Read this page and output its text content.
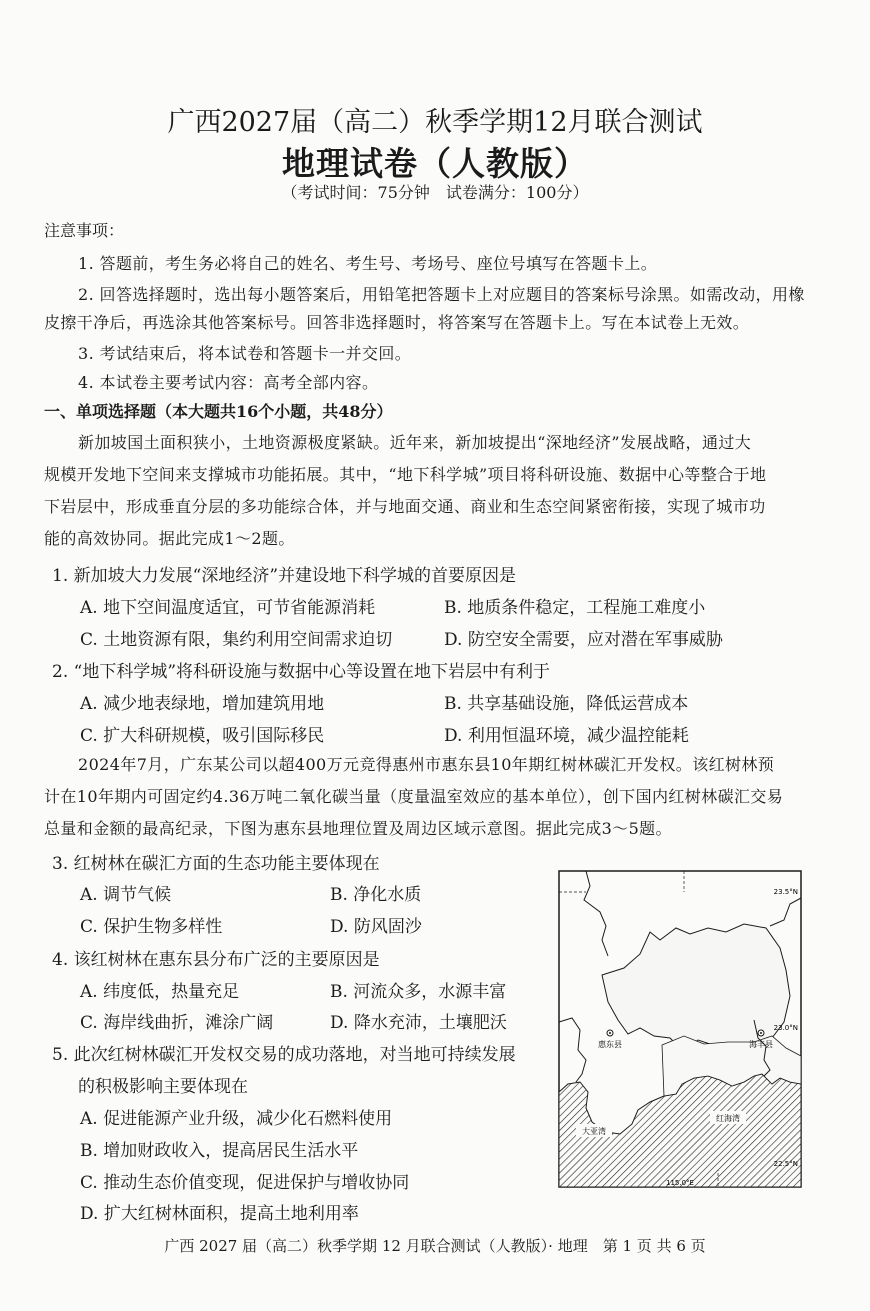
广西2027届（高二）秋季学期12月联合测试
地理试卷（人教版）
（考试时间：75分钟　试卷满分：100分）
注意事项：
1. 答题前，考生务必将自己的姓名、考生号、考场号、座位号填写在答题卡上。
2. 回答选择题时，选出每小题答案后，用铅笔把答题卡上对应题目的答案标号涂黑。如需改动，用橡
皮擦干净后，再选涂其他答案标号。回答非选择题时，将答案写在答题卡上。写在本试卷上无效。
3. 考试结束后，将本试卷和答题卡一并交回。
4. 本试卷主要考试内容：高考全部内容。
一、单项选择题（本大题共16个小题，共48分）
新加坡国土面积狭小，土地资源极度紧缺。近年来，新加坡提出“深地经济”发展战略，通过大
规模开发地下空间来支撑城市功能拓展。其中，“地下科学城”项目将科研设施、数据中心等整合于地
下岩层中，形成垂直分层的多功能综合体，并与地面交通、商业和生态空间紧密衔接，实现了城市功
能的高效协同。据此完成1～2题。
1. 新加坡大力发展“深地经济”并建设地下科学城的首要原因是
A. 地下空间温度适宜，可节省能源消耗	B. 地质条件稳定，工程施工难度小
C. 土地资源有限，集约利用空间需求迫切	D. 防空安全需要，应对潜在军事威胁
2. “地下科学城”将科研设施与数据中心等设置在地下岩层中有利于
A. 减少地表绿地，增加建筑用地	B. 共享基础设施，降低运营成本
C. 扩大科研规模，吸引国际移民	D. 利用恒温环境，减少温控能耗
2024年7月，广东某公司以超400万元竞得惠州市惠东县10年期红树林碳汇开发权。该红树林预
计在10年期内可固定约4.36万吨二氧化碳当量（度量温室效应的基本单位），创下国内红树林碳汇交易
总量和金额的最高纪录，下图为惠东县地理位置及周边区域示意图。据此完成3～5题。
3. 红树林在碳汇方面的生态功能主要体现在
A. 调节气候	B. 净化水质
C. 保护生物多样性	D. 防风固沙
4. 该红树林在惠东县分布广泛的主要原因是
A. 纬度低，热量充足	B. 河流众多，水源丰富
C. 海岸线曲折，滩涂广阔	D. 降水充沛，土壤肥沃
5. 此次红树林碳汇开发权交易的成功落地，对当地可持续发展
的积极影响主要体现在
A. 促进能源产业升级，减少化石燃料使用
B. 增加财政收入，提高居民生活水平
C. 推动生态价值变现，促进保护与增收协同
D. 扩大红树林面积，提高土地利用率
23.5°N
23.0°N
22.5°N
115.0°E
惠东县	海丰县
大亚湾
红海湾
广西 2027 届（高二）秋季学期 12 月联合测试（人教版）· 地理　第 1 页 共 6 页
